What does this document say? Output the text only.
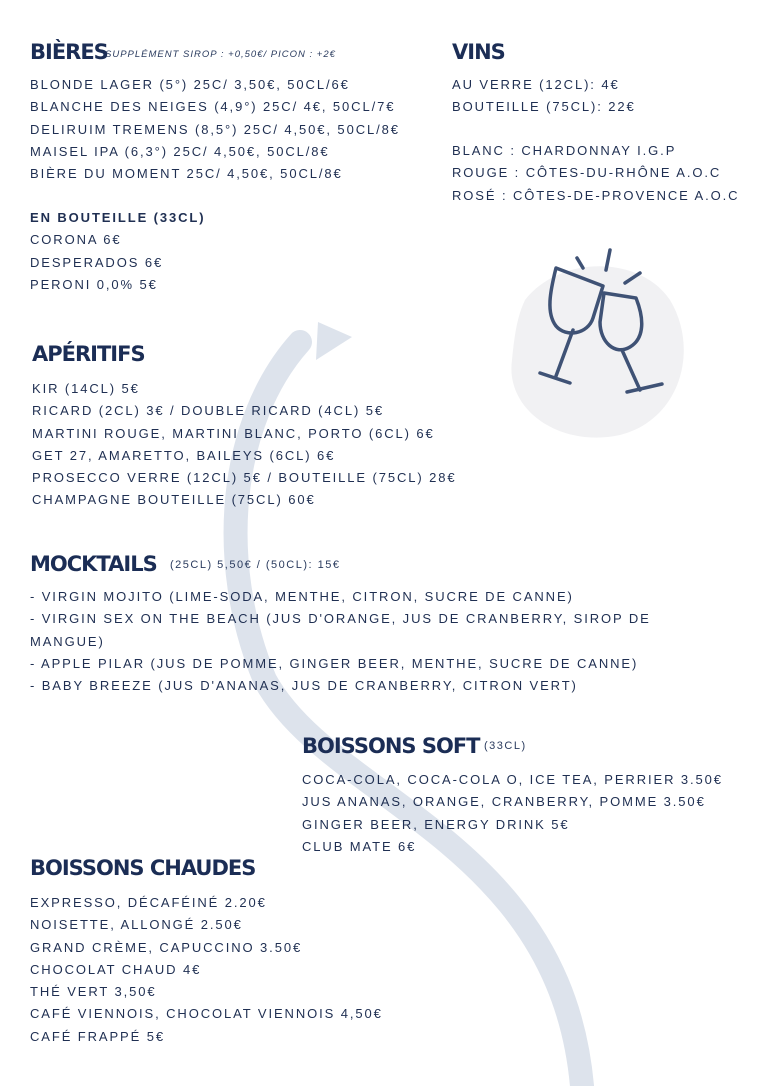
BIÈRES
SUPPLÉMENT SIROP : +0,50€/ PICON : +2€
BLONDE LAGER (5°) 25C/ 3,50€, 50CL/6€
BLANCHE DES NEIGES (4,9°) 25C/ 4€, 50CL/7€
DELIRUIM TREMENS (8,5°) 25C/ 4,50€, 50CL/8€
MAISEL IPA (6,3°) 25C/ 4,50€, 50CL/8€
BIÈRE DU MOMENT 25C/ 4,50€, 50CL/8€
EN BOUTEILLE (33CL)
CORONA 6€
DESPERADOS 6€
PERONI 0,0% 5€
VINS
AU VERRE (12CL): 4€
BOUTEILLE (75CL): 22€
BLANC : CHARDONNAY I.G.P
ROUGE : CÔTES-DU-RHÔNE A.O.C
ROSÉ : CÔTES-DE-PROVENCE A.O.C
APÉRITIFS
KIR (14CL) 5€
RICARD (2CL) 3€ / DOUBLE RICARD (4CL) 5€
MARTINI ROUGE, MARTINI BLANC, PORTO (6CL) 6€
GET 27, AMARETTO, BAILEYS (6CL) 6€
PROSECCO VERRE (12CL) 5€ / BOUTEILLE (75CL) 28€
CHAMPAGNE BOUTEILLE (75CL) 60€
MOCKTAILS (25CL) 5,50€ / (50CL): 15€
- VIRGIN MOJITO (LIME-SODA, MENTHE, CITRON, SUCRE DE CANNE)
- VIRGIN SEX ON THE BEACH (JUS D'ORANGE, JUS DE CRANBERRY, SIROP DE MANGUE)
- APPLE PILAR (JUS DE POMME, GINGER BEER, MENTHE, SUCRE DE CANNE)
- BABY BREEZE (JUS D'ANANAS, JUS DE CRANBERRY, CITRON VERT)
BOISSONS SOFT (33CL)
COCA-COLA, COCA-COLA O, ICE TEA, PERRIER 3.50€
JUS ANANAS, ORANGE, CRANBERRY, POMME 3.50€
GINGER BEER, ENERGY DRINK 5€
CLUB MATE 6€
BOISSONS CHAUDES
EXPRESSO, DÉCAFÉINÉ 2.20€
NOISETTE, ALLONGÉ 2.50€
GRAND CRÈME, CAPUCCINO 3.50€
CHOCOLAT CHAUD 4€
THÉ VERT 3,50€
CAFÉ VIENNOIS, CHOCOLAT VIENNOIS 4,50€
CAFÉ FRAPPÉ 5€
